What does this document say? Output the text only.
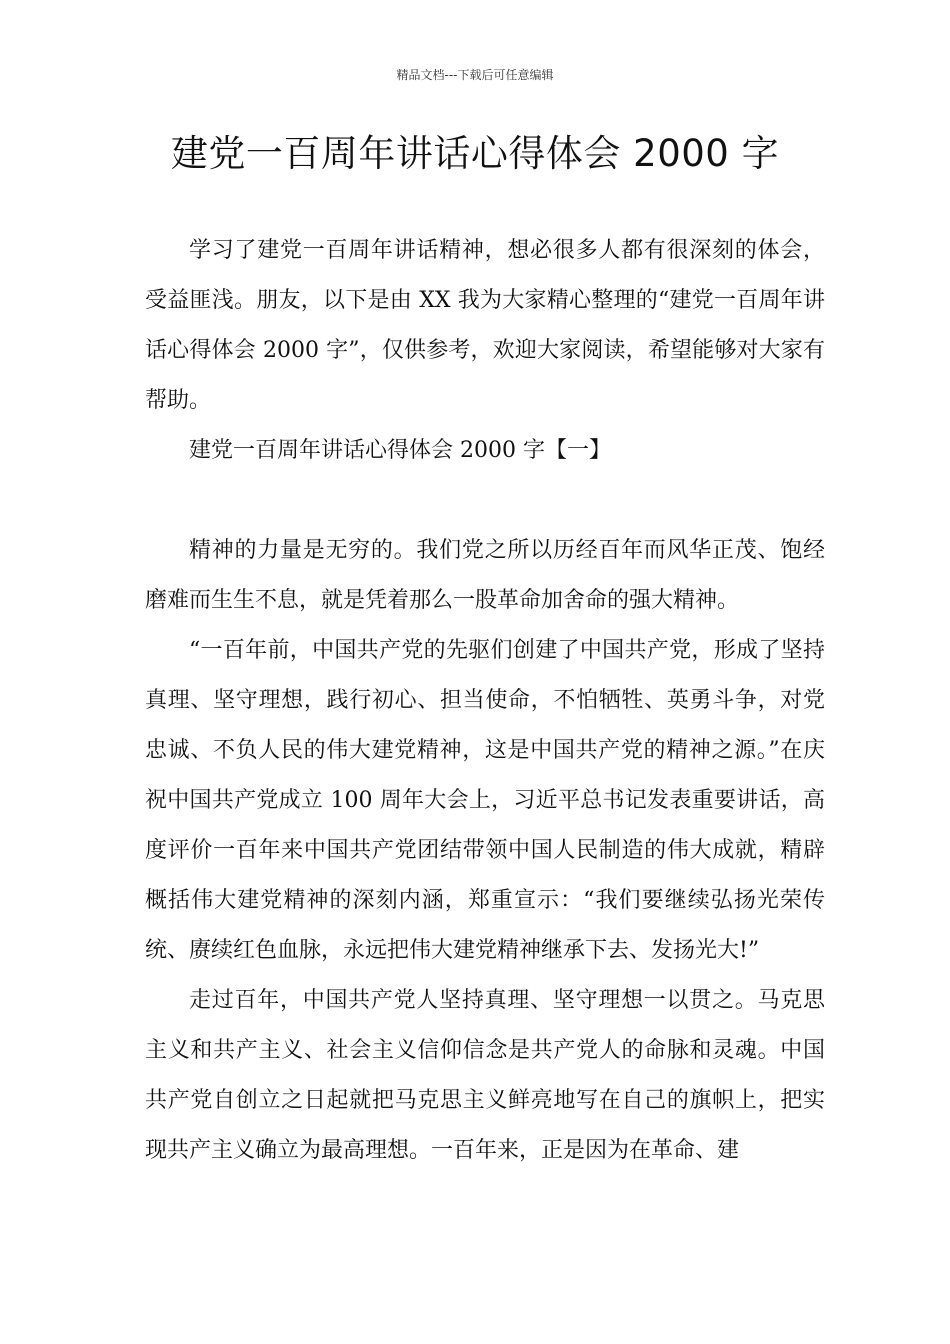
精品文档---下载后可任意编辑
建党一百周年讲话心得体会 2000 字

学习了建党一百周年讲话精神，想必很多人都有很深刻的体会，受益匪浅。朋友，以下是由 XX 我为大家精心整理的“建党一百周年讲话心得体会 2000 字”，仅供参考，欢迎大家阅读，希望能够对大家有帮助。

建党一百周年讲话心得体会 2000 字【一】

精神的力量是无穷的。我们党之所以历经百年而风华正茂、饱经磨难而生生不息，就是凭着那么一股革命加舍命的强大精神。

“一百年前，中国共产党的先驱们创建了中国共产党，形成了坚持真理、坚守理想，践行初心、担当使命，不怕牺牲、英勇斗争，对党忠诚、不负人民的伟大建党精神，这是中国共产党的精神之源。”在庆祝中国共产党成立 100 周年大会上，习近平总书记发表重要讲话，高度评价一百年来中国共产党团结带领中国人民制造的伟大成就，精辟概括伟大建党精神的深刻内涵，郑重宣示：“我们要继续弘扬光荣传统、赓续红色血脉，永远把伟大建党精神继承下去、发扬光大!”

走过百年，中国共产党人坚持真理、坚守理想一以贯之。马克思主义和共产主义、社会主义信仰信念是共产党人的命脉和灵魂。中国共产党自创立之日起就把马克思主义鲜亮地写在自己的旗帜上，把实现共产主义确立为最高理想。一百年来，正是因为在革命、建
